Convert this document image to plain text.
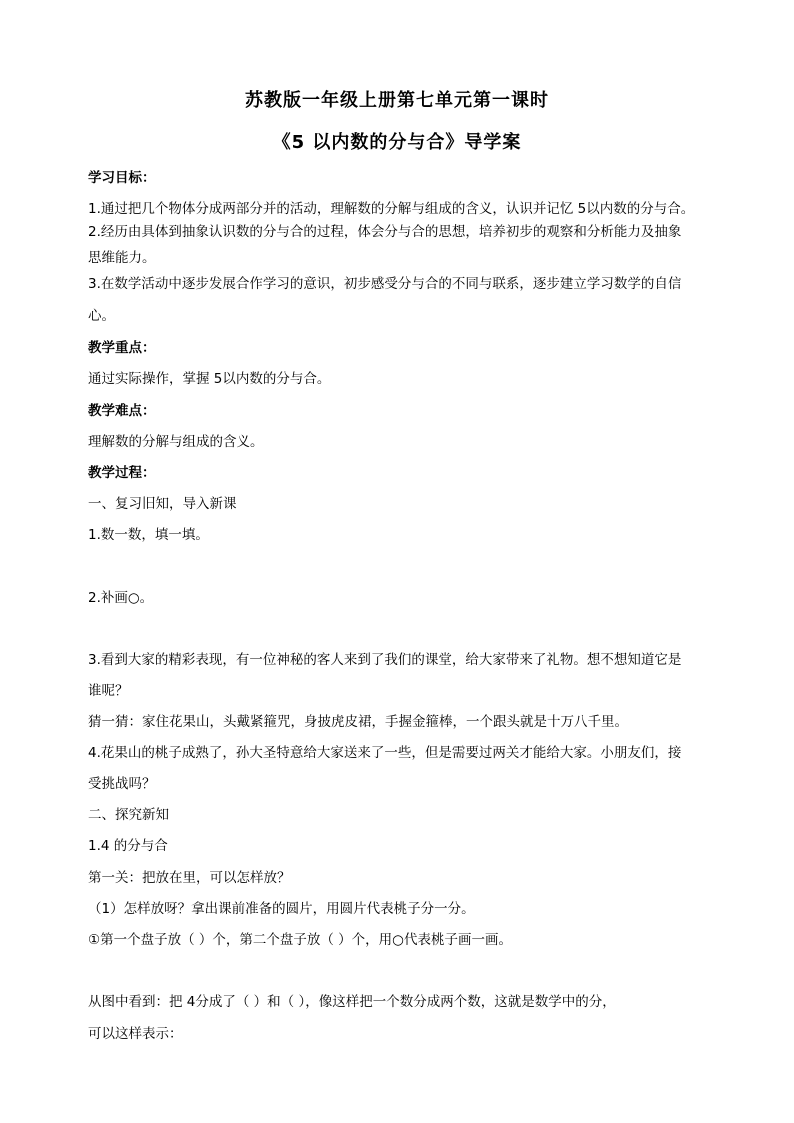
苏教版一年级上册第七单元第一课时
《5 以内数的分与合》导学案
学习目标：
1.通过把几个物体分成两部分并的活动，理解数的分解与组成的含义，认识并记忆 5以内数的分与合。
2.经历由具体到抽象认识数的分与合的过程，体会分与合的思想，培养初步的观察和分析能力及抽象
思维能力。
3.在数学活动中逐步发展合作学习的意识，初步感受分与合的不同与联系，逐步建立学习数学的自信
心。
教学重点：
通过实际操作，掌握 5以内数的分与合。
教学难点：
理解数的分解与组成的含义。
教学过程：
一、复习旧知，导入新课
1.数一数，填一填。
2.补画○。
3.看到大家的精彩表现，有一位神秘的客人来到了我们的课堂，给大家带来了礼物。想不想知道它是
谁呢？
猜一猜：家住花果山，头戴紧箍咒，身披虎皮裙，手握金箍棒，一个跟头就是十万八千里。
4.花果山的桃子成熟了，孙大圣特意给大家送来了一些，但是需要过两关才能给大家。小朋友们，接
受挑战吗？
二、探究新知
1.4 的分与合
第一关：把放在里，可以怎样放？
（1）怎样放呀？拿出课前准备的圆片，用圆片代表桃子分一分。
①第一个盘子放（ ）个，第二个盘子放（ ）个，用○代表桃子画一画。
从图中看到：把 4分成了（ ）和（ ），像这样把一个数分成两个数，这就是数学中的分，
可以这样表示：
